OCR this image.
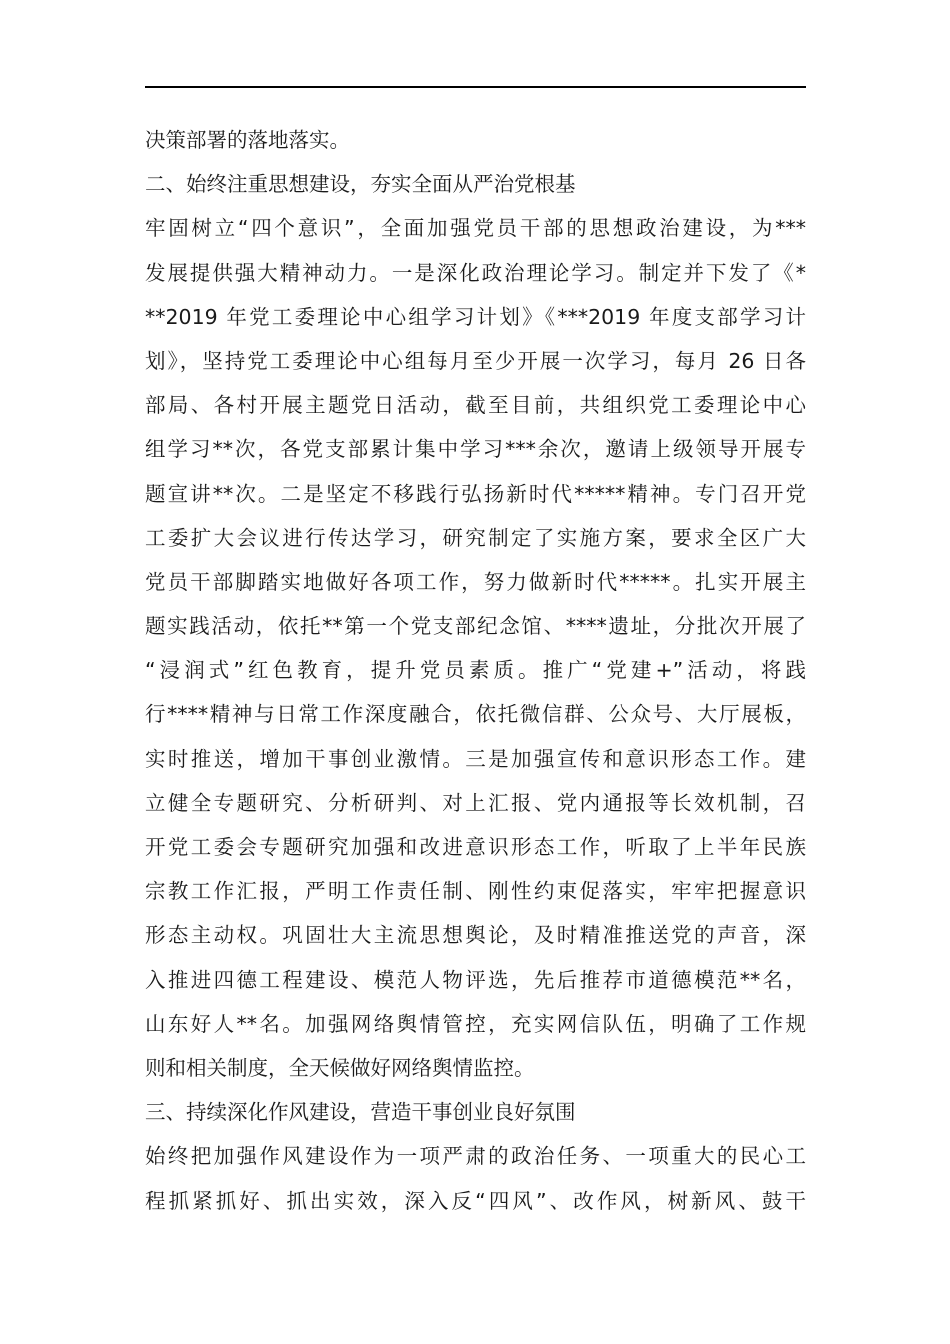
决策部署的落地落实。
二、始终注重思想建设，夯实全面从严治党根基
牢固树立“四个意识”，全面加强党员干部的思想政治建设，为***
发展提供强大精神动力。一是深化政治理论学习。制定并下发了《*
**2019 年党工委理论中心组学习计划》《***2019 年度支部学习计
划》，坚持党工委理论中心组每月至少开展一次学习，每月 26 日各
部局、各村开展主题党日活动，截至目前，共组织党工委理论中心
组学习**次，各党支部累计集中学习***余次，邀请上级领导开展专
题宣讲**次。二是坚定不移践行弘扬新时代*****精神。专门召开党
工委扩大会议进行传达学习，研究制定了实施方案，要求全区广大
党员干部脚踏实地做好各项工作，努力做新时代*****。扎实开展主
题实践活动，依托**第一个党支部纪念馆、****遗址，分批次开展了
“浸润式”红色教育，提升党员素质。推广“党建+”活动，将践
行****精神与日常工作深度融合，依托微信群、公众号、大厅展板，
实时推送，增加干事创业激情。三是加强宣传和意识形态工作。建
立健全专题研究、分析研判、对上汇报、党内通报等长效机制，召
开党工委会专题研究加强和改进意识形态工作，听取了上半年民族
宗教工作汇报，严明工作责任制、刚性约束促落实，牢牢把握意识
形态主动权。巩固壮大主流思想舆论，及时精准推送党的声音，深
入推进四德工程建设、模范人物评选，先后推荐市道德模范**名，
山东好人**名。加强网络舆情管控，充实网信队伍，明确了工作规
则和相关制度，全天候做好网络舆情监控。
三、持续深化作风建设，营造干事创业良好氛围
始终把加强作风建设作为一项严肃的政治任务、一项重大的民心工
程抓紧抓好、抓出实效，深入反“四风”、改作风，树新风、鼓干
